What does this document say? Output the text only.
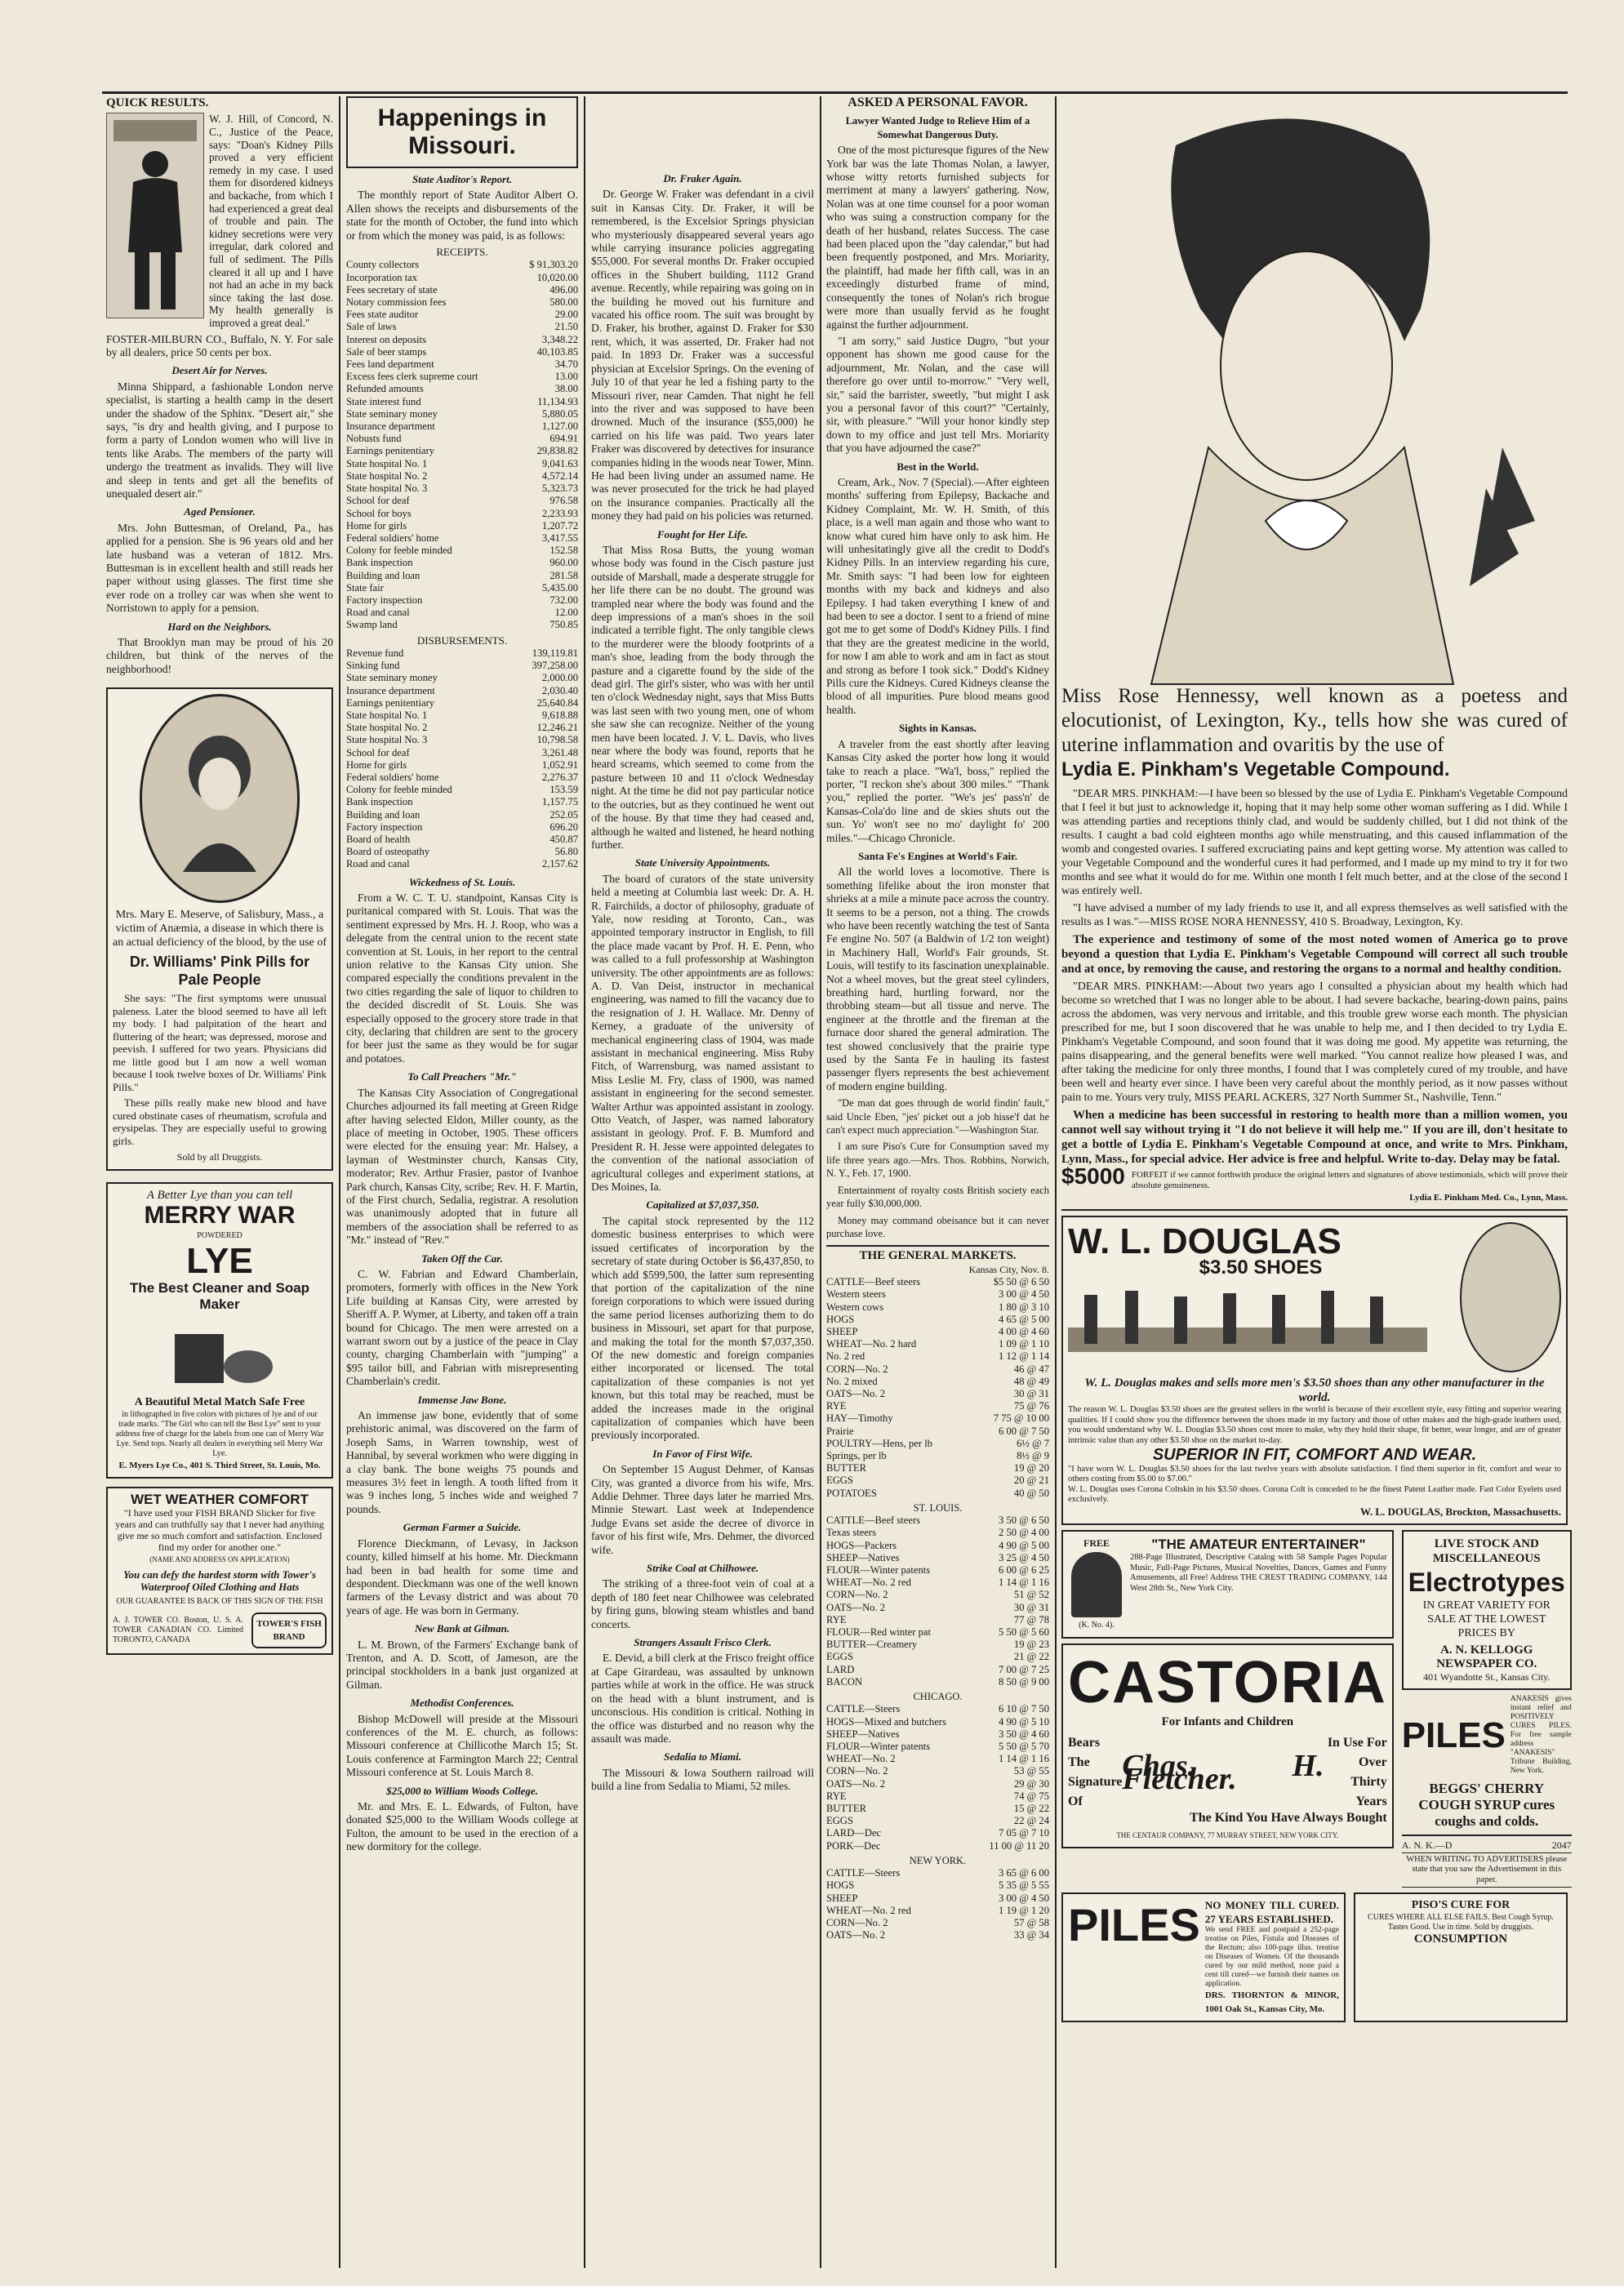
QUICK RESULTS.
W. J. Hill, of Concord, N. C., Justice of the Peace, says: "Doan's Kidney Pills proved a very efficient remedy in my case. I used them for disordered kidneys and backache, from which I had experienced a great deal of trouble and pain. The kidney secretions were very irregular, dark colored and full of sediment. The Pills cleared it all up and I have not had an ache in my back since taking the last dose. My health generally is improved a great deal."
FOSTER-MILBURN CO., Buffalo, N. Y. For sale by all dealers, price 50 cents per box.
Desert Air for Nerves.

Minna Shippard, a fashionable London nerve specialist, is starting a health camp in the desert under the shadow of the Sphinx. "Desert air," she says, "is dry and health giving, and I purpose to form a party of London women who will live in tents like Arabs. The members of the party will undergo the treatment as invalids. They will live and sleep in tents and get all the benefits of unequaled desert air."

Aged Pensioner.

Mrs. John Buttesman, of Oreland, Pa., has applied for a pension. She is 96 years old and her late husband was a veteran of 1812. Mrs. Buttesman is in excellent health and still reads her paper without using glasses. The first time she ever rode on a trolley car was when she went to Norristown to apply for a pension.

Hard on the Neighbors.

That Brooklyn man may be proud of his 20 children, but think of the nerves of the neighborhood!

Mrs. Mary E. Meserve, of Salisbury, Mass., a victim of Anæmia, a disease in which there is an actual deficiency of the blood, by the use of
Dr. Williams' Pink Pills for Pale People

She says: "The first symptoms were unusual paleness. Later the blood seemed to have all left my body. I had palpitation of the heart and fluttering of the heart; was depressed, morose and peevish. I suffered for two years. Physicians did me little good but I am now a well woman because I took twelve boxes of Dr. Williams' Pink Pills."

These pills really make new blood and have cured obstinate cases of rheumatism, scrofula and erysipelas. They are especially useful to growing girls.

Sold by all Druggists.
A Better Lye than you can tell
MERRY WAR
POWDERED
LYE
The Best Cleaner and Soap Maker
A Beautiful Metal Match Safe Free
in lithographed in five colors with pictures of lye and of our trade marks. "The Girl who can tell the Best Lye" sent to your address free of charge for the labels from one can of Merry War Lye. Send tops. Nearly all dealers in everything sell Merry War Lye.
E. Myers Lye Co., 401 S. Third Street, St. Louis, Mo.
WET WEATHER COMFORT
"I have used your FISH BRAND Slicker for five years and can truthfully say that I never had anything give me so much comfort and satisfaction. Enclosed find my order for another one."
(NAME AND ADDRESS ON APPLICATION)
You can defy the hardest storm with Tower's Waterproof Oiled Clothing and Hats
OUR GUARANTEE IS BACK OF THIS SIGN OF THE FISH
A. J. TOWER CO. Boston, U. S. A. TOWER CANADIAN CO. Limited TORONTO, CANADA
TOWER'S FISH BRAND
Happenings in Missouri.
State Auditor's Report.

The monthly report of State Auditor Albert O. Allen shows the receipts and disbursements of the state for the month of October, the fund into which or from which the money was paid, is as follows:

RECEIPTS.
County collectors	$ 91,303.20
Incorporation tax	10,020.00
Fees secretary of state	496.00
Notary commission fees	580.00
Fees state auditor	29.00
Sale of laws	21.50
Interest on deposits	3,348.22
Sale of beer stamps	40,103.85
Fees land department	34.70
Excess fees clerk supreme court	13.00
Refunded amounts	38.00
State interest fund	11,134.93
State seminary money	5,880.05
Insurance department	1,127.00
Nobusts fund	694.91
Earnings penitentiary	29,838.82
State hospital No. 1	9,041.63
State hospital No. 2	4,572.14
State hospital No. 3	5,323.73
School for deaf	976.58
School for boys	2,233.93
Home for girls	1,207.72
Federal soldiers' home	3,417.55
Colony for feeble minded	152.58
Bank inspection	960.00
Building and loan	281.58
State fair	5,435.00
Factory inspection	732.00
Road and canal	12.00
Swamp land	750.85
DISBURSEMENTS.
Revenue fund	139,119.81
Sinking fund	397,258.00
State seminary money	2,000.00
Insurance department	2,030.40
Earnings penitentiary	25,640.84
State hospital No. 1	9,618.88
State hospital No. 2	12,246.21
State hospital No. 3	10,798.58
School for deaf	3,261.48
Home for girls	1,052.91
Federal soldiers' home	2,276.37
Colony for feeble minded	153.59
Bank inspection	1,157.75
Building and loan	252.05
Factory inspection	696.20
Board of health	450.87
Board of osteopathy	56.80
Road and canal	2,157.62
Wickedness of St. Louis.

From a W. C. T. U. standpoint, Kansas City is puritanical compared with St. Louis. That was the sentiment expressed by Mrs. H. J. Roop, who was a delegate from the central union to the recent state convention at St. Louis, in her report to the central union relative to the Kansas City union. She compared especially the conditions prevalent in the two cities regarding the sale of liquor to children to the decided discredit of St. Louis. She was especially opposed to the grocery store trade in that city, declaring that children are sent to the grocery for beer just the same as they would be for sugar and potatoes.

To Call Preachers "Mr."

The Kansas City Association of Congregational Churches adjourned its fall meeting at Green Ridge after having selected Eldon, Miller county, as the place of meeting in October, 1905. These officers were elected for the ensuing year: Mr. Halsey, a layman of Westminster church, Kansas City, moderator; Rev. Arthur Frasier, pastor of Ivanhoe Park church, Kansas City, scribe; Rev. H. F. Martin, of the First church, Sedalia, registrar. A resolution was unanimously adopted that in future all members of the association shall be referred to as "Mr." instead of "Rev."

Taken Off the Car.

C. W. Fabrian and Edward Chamberlain, promoters, formerly with offices in the New York Life building at Kansas City, were arrested by Sheriff A. P. Wymer, at Liberty, and taken off a train bound for Chicago. The men were arrested on a warrant sworn out by a justice of the peace in Clay county, charging Chamberlain with "jumping" a $95 tailor bill, and Fabrian with misrepresenting Chamberlain's credit.

Immense Jaw Bone.

An immense jaw bone, evidently that of some prehistoric animal, was discovered on the farm of Joseph Sams, in Warren township, west of Hannibal, by several workmen who were digging in a clay bank. The bone weighs 75 pounds and measures 3½ feet in length. A tooth lifted from it was 9 inches long, 5 inches wide and weighed 7 pounds.

German Farmer a Suicide.

Florence Dieckmann, of Levasy, in Jackson county, killed himself at his home. Mr. Dieckmann had been in bad health for some time and despondent. Dieckmann was one of the well known farmers of the Levasy district and was about 70 years of age. He was born in Germany.

New Bank at Gilman.

L. M. Brown, of the Farmers' Exchange bank of Trenton, and A. D. Scott, of Jameson, are the principal stockholders in a bank just organized at Gilman.

Methodist Conferences.

Bishop McDowell will preside at the Missouri conferences of the M. E. church, as follows: Missouri conference at Chillicothe March 15; St. Louis conference at Farmington March 22; Central Missouri conference at St. Louis March 8.

$25,000 to William Woods College.

Mr. and Mrs. E. L. Edwards, of Fulton, have donated $25,000 to the William Woods college at Fulton, the amount to be used in the erection of a new dormitory for the college.

Dr. Fraker Again.

Dr. George W. Fraker was defendant in a civil suit in Kansas City. Dr. Fraker, it will be remembered, is the Excelsior Springs physician who mysteriously disappeared several years ago while carrying insurance policies aggregating $55,000. For several months Dr. Fraker occupied offices in the Shubert building, 1112 Grand avenue. Recently, while repairing was going on in the building he moved out his furniture and vacated his office room. The suit was brought by D. Fraker, his brother, against D. Fraker for $30 rent, which, it was asserted, Dr. Fraker had not paid. In 1893 Dr. Fraker was a successful physician at Excelsior Springs. On the evening of July 10 of that year he led a fishing party to the Missouri river, near Camden. That night he fell into the river and was supposed to have been drowned. Much of the insurance ($55,000) he carried on his life was paid. Two years later Fraker was discovered by detectives for insurance companies hiding in the woods near Tower, Minn. He had been living under an assumed name. He was never prosecuted for the trick he had played on the insurance companies. Practically all the money they had paid on his policies was returned.

Fought for Her Life.

That Miss Rosa Butts, the young woman whose body was found in the Cisch pasture just outside of Marshall, made a desperate struggle for her life there can be no doubt. The ground was trampled near where the body was found and the deep impressions of a man's shoes in the soil indicated a terrible fight. The only tangible clews to the murderer were the bloody footprints of a man's shoe, leading from the body through the pasture and a cigarette found by the side of the dead girl. The girl's sister, who was with her until ten o'clock Wednesday night, says that Miss Butts was last seen with two young men, one of whom she saw she can recognize. Neither of the young men have been located. J. V. L. Davis, who lives near where the body was found, reports that he heard screams, which seemed to come from the pasture between 10 and 11 o'clock Wednesday night. At the time he did not pay particular notice to the outcries, but as they continued he went out of the house. By that time they had ceased and, although he waited and listened, he heard nothing further.

State University Appointments.

The board of curators of the state university held a meeting at Columbia last week: Dr. A. H. R. Fairchilds, a doctor of philosophy, graduate of Yale, now residing at Toronto, Can., was appointed temporary instructor in English, to fill the place made vacant by Prof. H. E. Penn, who was called to a full professorship at Washington university. The other appointments are as follows: A. D. Van Deist, instructor in mechanical engineering, was named to fill the vacancy due to the resignation of J. H. Wallace. Mr. Denny of Kerney, a graduate of the university of mechanical engineering class of 1904, was made assistant in mechanical engineering. Miss Ruby Fitch, of Warrensburg, was named assistant to Miss Leslie M. Fry, class of 1900, was named assistant in engineering for the second semester. Walter Arthur was appointed assistant in zoology. Otto Veatch, of Jasper, was named laboratory assistant in geology. Prof. F. B. Mumford and President R. H. Jesse were appointed delegates to the convention of the national association of agricultural colleges and experiment stations, at Des Moines, Ia.

Capitalized at $7,037,350.

The capital stock represented by the 112 domestic business enterprises to which were issued certificates of incorporation by the secretary of state during October is $6,437,850, to which add $599,500, the latter sum representing that portion of the capitalization of the nine foreign corporations to which were issued during the same period licenses authorizing them to do business in Missouri, set apart for that purpose, and making the total for the month $7,037,350. Of the new domestic and foreign companies either incorporated or licensed. The total capitalization of these companies is not yet known, but this total may be reached, must be added the increases made in the original capitalization of companies which have been previously incorporated.

In Favor of First Wife.

On September 15 August Dehmer, of Kansas City, was granted a divorce from his wife, Mrs. Addie Dehmer. Three days later he married Mrs. Minnie Stewart. Last week at Independence Judge Evans set aside the decree of divorce in favor of his first wife, Mrs. Dehmer, the divorced wife.

Strike Coal at Chilhowee.

The striking of a three-foot vein of coal at a depth of 180 feet near Chilhowee was celebrated by firing guns, blowing steam whistles and band concerts.

Strangers Assault Frisco Clerk.

E. Devid, a bill clerk at the Frisco freight office at Cape Girardeau, was assaulted by unknown parties while at work in the office. He was struck on the head with a blunt instrument, and is unconscious. His condition is critical. Nothing in the office was disturbed and no reason why the assault was made.

Sedalia to Miami.

The Missouri & Iowa Southern railroad will build a line from Sedalia to Miami, 52 miles.

ASKED A PERSONAL FAVOR.
Lawyer Wanted Judge to Relieve Him of a Somewhat Dangerous Duty.

One of the most picturesque figures of the New York bar was the late Thomas Nolan, a lawyer, whose witty retorts furnished subjects for merriment at many a lawyers' gathering. Now, Nolan was at one time counsel for a poor woman who was suing a construction company for the death of her husband, relates Success. The case had been placed upon the "day calendar," but had been frequently postponed, and Mrs. Moriarity, the plaintiff, had made her fifth call, was in an exceedingly disturbed frame of mind, consequently the tones of Nolan's rich brogue were more than usually fervid as he fought against the further adjournment.

"I am sorry," said Justice Dugro, "but your opponent has shown me good cause for the adjournment, Mr. Nolan, and the case will therefore go over until to-morrow." "Very well, sir," said the barrister, sweetly, "but might I ask you a personal favor of this court?" "Certainly, sir, with pleasure." "Will your honor kindly step down to my office and just tell Mrs. Moriarity that you have adjourned the case?"

Best in the World.

Cream, Ark., Nov. 7 (Special).—After eighteen months' suffering from Epilepsy, Backache and Kidney Complaint, Mr. W. H. Smith, of this place, is a well man again and those who want to know what cured him have only to ask him. He will unhesitatingly give all the credit to Dodd's Kidney Pills. In an interview regarding his cure, Mr. Smith says: "I had been low for eighteen months with my back and kidneys and also Epilepsy. I had taken everything I knew of and had been to see a doctor. I sent to a friend of mine got me to get some of Dodd's Kidney Pills. I find that they are the greatest medicine in the world, for now I am able to work and am in fact as stout and strong as before I took sick." Dodd's Kidney Pills cure the Kidneys. Cured Kidneys cleanse the blood of all impurities. Pure blood means good health.

Sights in Kansas.

A traveler from the east shortly after leaving Kansas City asked the porter how long it would take to reach a place. "Wa'l, boss," replied the porter, "I reckon she's about 300 miles." "Thank you," replied the porter. "We's jes' pass'n' de Kansas-Cola'do line and de skies shuts out the sun. Yo' won't see no mo' daylight fo' 200 miles."—Chicago Chronicle.

Santa Fe's Engines at World's Fair.

All the world loves a locomotive. There is something lifelike about the iron monster that shrieks at a mile a minute pace across the country. It seems to be a person, not a thing. The crowds who have been recently watching the test of Santa Fe engine No. 507 (a Baldwin of 1/2 ton weight) in Machinery Hall, World's Fair grounds, St. Louis, will testify to its fascination unexplainable. Not a wheel moves, but the great steel cylinders, breathing hard, hurtling forward, nor the throbbing steam—but all tissue and nerve. The engineer at the throttle and the fireman at the furnace door shared the general admiration. The test showed conclusively that the prairie type used by the Santa Fe in hauling its fastest passenger flyers represents the best achievement of modern engine building.

"De man dat goes through de world findin' fault," said Uncle Eben, "jes' picket out a job hisse'f dat he can't expect much appreciation."—Washington Star.

I am sure Piso's Cure for Consumption saved my life three years ago.—Mrs. Thos. Robbins, Norwich, N. Y., Feb. 17, 1900.

Entertainment of royalty costs British society each year fully $30,000,000.

Money may command obeisance but it can never purchase love.

THE GENERAL MARKETS.
Kansas City, Nov. 8.
CATTLE—Beef steers	$5 50 @ 6 50
Western steers	3 00 @ 4 50
Western cows	1 80 @ 3 10
HOGS	4 65 @ 5 00
SHEEP	4 00 @ 4 60
WHEAT—No. 2 hard	1 09 @ 1 10
No. 2 red	1 12 @ 1 14
CORN—No. 2	46 @ 47
No. 2 mixed	48 @ 49
OATS—No. 2	30 @ 31
RYE	75 @ 76
HAY—Timothy	7 75 @ 10 00
Prairie	6 00 @ 7 50
POULTRY—Hens, per lb	6½ @ 7
Springs, per lb	8½ @ 9
BUTTER	19 @ 20
EGGS	20 @ 21
POTATOES	40 @ 50
ST. LOUIS.
CATTLE—Beef steers	3 50 @ 6 50
Texas steers	2 50 @ 4 00
HOGS—Packers	4 90 @ 5 00
SHEEP—Natives	3 25 @ 4 50
FLOUR—Winter patents	6 00 @ 6 25
WHEAT—No. 2 red	1 14 @ 1 16
CORN—No. 2	51 @ 52
OATS—No. 2	30 @ 31
RYE	77 @ 78
FLOUR—Red winter pat	5 50 @ 5 60
BUTTER—Creamery	19 @ 23
EGGS	21 @ 22
LARD	7 00 @ 7 25
BACON	8 50 @ 9 00
CHICAGO.
CATTLE—Steers	6 10 @ 7 50
HOGS—Mixed and butchers	4 90 @ 5 10
SHEEP—Natives	3 50 @ 4 60
FLOUR—Winter patents	5 50 @ 5 70
WHEAT—No. 2	1 14 @ 1 16
CORN—No. 2	53 @ 55
OATS—No. 2	29 @ 30
RYE	74 @ 75
BUTTER	15 @ 22
EGGS	22 @ 24
LARD—Dec	7 05 @ 7 10
PORK—Dec	11 00 @ 11 20
NEW YORK.
CATTLE—Steers	3 65 @ 6 00
HOGS	5 35 @ 5 55
SHEEP	3 00 @ 4 50
WHEAT—No. 2 red	1 19 @ 1 20
CORN—No. 2	57 @ 58
OATS—No. 2	33 @ 34
Miss Rose Hennessy, well known as a poetess and elocutionist, of Lexington, Ky., tells how she was cured of uterine inflammation and ovaritis by the use of
Lydia E. Pinkham's Vegetable Compound.

"DEAR MRS. PINKHAM:—I have been so blessed by the use of Lydia E. Pinkham's Vegetable Compound that I feel it but just to acknowledge it, hoping that it may help some other woman suffering as I did. While I was attending parties and receptions thinly clad, and would be suddenly chilled, but I did not think of the results. I caught a bad cold eighteen months ago while menstruating, and this caused inflammation of the womb and congested ovaries. I suffered excruciating pains and kept getting worse. My attention was called to your Vegetable Compound and the wonderful cures it had performed, and I made up my mind to try it for two months and see what it would do for me. Within one month I felt much better, and at the close of the second I was entirely well.

"I have advised a number of my lady friends to use it, and all express themselves as well satisfied with the results as I was."—MISS ROSE NORA HENNESSY, 410 S. Broadway, Lexington, Ky.

The experience and testimony of some of the most noted women of America go to prove beyond a question that Lydia E. Pinkham's Vegetable Compound will correct all such trouble and at once, by removing the cause, and restoring the organs to a normal and healthy condition.

"DEAR MRS. PINKHAM:—About two years ago I consulted a physician about my health which had become so wretched that I was no longer able to be about. I had severe backache, bearing-down pains, pains across the abdomen, was very nervous and irritable, and this trouble grew worse each month. The physician prescribed for me, but I soon discovered that he was unable to help me, and I then decided to try Lydia E. Pinkham's Vegetable Compound, and soon found that it was doing me good. My appetite was returning, the pains disappearing, and the general benefits were well marked. "You cannot realize how pleased I was, and after taking the medicine for only three months, I found that I was completely cured of my trouble, and have been well and hearty ever since. I have been very careful about the monthly period, as it now passes without pain to me. Yours very truly, MISS PEARL ACKERS, 327 North Summer St., Nashville, Tenn."

When a medicine has been successful in restoring to health more than a million women, you cannot well say without trying it "I do not believe it will help me." If you are ill, don't hesitate to get a bottle of Lydia E. Pinkham's Vegetable Compound at once, and write to Mrs. Pinkham, Lynn, Mass., for special advice. Her advice is free and helpful. Write to-day. Delay may be fatal.

$5000 FORFEIT if we cannot forthwith produce the original letters and signatures of above testimonials, which will prove their absolute genuineness.
Lydia E. Pinkham Med. Co., Lynn, Mass.
W. L. DOUGLAS
$3.50 SHOES
W. L. Douglas makes and sells more men's $3.50 shoes than any other manufacturer in the world.
The reason W. L. Douglas $3.50 shoes are the greatest sellers in the world is because of their excellent style, easy fitting and superior wearing qualities. If I could show you the difference between the shoes made in my factory and those of other makes and the high-grade leathers used, you would understand why W. L. Douglas $3.50 shoes cost more to make, why they hold their shape, fit better, wear longer, and are of greater intrinsic value than any other $3.50 shoe on the market to-day.
SUPERIOR IN FIT, COMFORT AND WEAR.
"I have worn W. L. Douglas $3.50 shoes for the last twelve years with absolute satisfaction. I find them superior in fit, comfort and wear to others costing from $5.00 to $7.00."
W. L. Douglas uses Corona Coltskin in his $3.50 shoes. Corona Colt is conceded to be the finest Patent Leather made. Fast Color Eyelets used exclusively.
W. L. DOUGLAS, Brockton, Massachusetts.
FREE
(K. No. 4).
"THE AMATEUR ENTERTAINER"
288-Page Illustrated, Descriptive Catalog with 58 Sample Pages Popular Music, Full-Page Pictures, Musical Novelties, Dances, Games and Funny Amusements, all Free! Address THE CREST TRADING COMPANY, 144 West 28th St., New York City.
CASTORIA
For Infants and Children
Bears The Signature Of
Chas. H. Fletcher.
In Use For Over Thirty Years
The Kind You Have Always Bought
THE CENTAUR COMPANY, 77 MURRAY STREET, NEW YORK CITY.
LIVE STOCK AND MISCELLANEOUS
Electrotypes
IN GREAT VARIETY FOR SALE AT THE LOWEST PRICES BY
A. N. KELLOGG NEWSPAPER CO.
401 Wyandotte St., Kansas City.
PILES
ANAKESIS gives instant relief and POSITIVELY CURES PILES. For free sample address "ANAKESIS" Tribune Building, New York.
BEGGS' CHERRY COUGH SYRUP cures coughs and colds.
A. N. K.—D	2047
WHEN WRITING TO ADVERTISERS please state that you saw the Advertisement in this paper.
PILES NO MONEY TILL CURED. 27 YEARS ESTABLISHED.
We send FREE and postpaid a 252-page treatise on Piles, Fistula and Diseases of the Rectum; also 100-page illus. treatise on Diseases of Women. Of the thousands cured by our mild method, none paid a cent till cured—we furnish their names on application.
DRS. THORNTON & MINOR, 1001 Oak St., Kansas City, Mo.
PISO'S CURE FOR
CURES WHERE ALL ELSE FAILS. Best Cough Syrup. Tastes Good. Use in time. Sold by druggists.
CONSUMPTION
